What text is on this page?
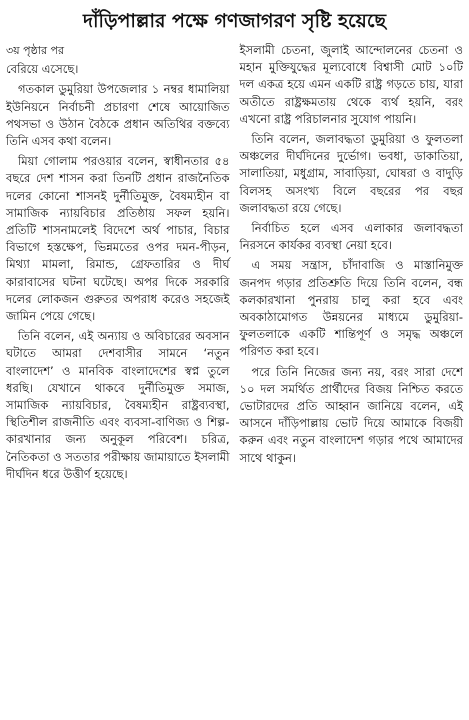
দাঁড়িপাল্লার পক্ষে গণজাগরণ সৃষ্টি হয়েছে

৩য় পৃষ্ঠার পর

বেরিয়ে এসেছে।

গতকাল ডুমুরিয়া উপজেলার ১ নম্বর ধামালিয়া ইউনিয়নে নির্বাচনী প্রচারণা শেষে আয়োজিত পথসভা ও উঠান বৈঠকে প্রধান অতিথির বক্তব্যে তিনি এসব কথা বলেন।

মিয়া গোলাম পরওয়ার বলেন, স্বাধীনতার ৫৪ বছরে দেশ শাসন করা তিনটি প্রধান রাজনৈতিক দলের কোনো শাসনই দুর্নীতিমুক্ত, বৈষম্যহীন বা সামাজিক ন্যায়বিচার প্রতিষ্ঠায় সফল হয়নি। প্রতিটি শাসনামলেই বিদেশে অর্থ পাচার, বিচার বিভাগে হস্তক্ষেপ, ভিন্নমতের ওপর দমন-পীড়ন, মিথ্যা মামলা, রিমান্ড, গ্রেফতারির ও দীর্ঘ কারাবাসের ঘটনা ঘটেছে। অপর দিকে সরকারি দলের লোকজন গুরুতর অপরাধ করেও সহজেই জামিন পেয়ে গেছে।

তিনি বলেন, এই অন্যায় ও অবিচারের অবসান ঘটাতে আমরা দেশবাসীর সামনে ‘নতুন বাংলাদেশ’ ও মানবিক বাংলাদেশের স্বপ্ন তুলে ধরছি। যেখানে থাকবে দুর্নীতিমুক্ত সমাজ, সামাজিক ন্যায়বিচার, বৈষম্যহীন রাষ্ট্রব্যবস্থা, স্থিতিশীল রাজনীতি এবং ব্যবসা-বাণিজ্য ও শিল্প-কারখানার জন্য অনুকূল পরিবেশ। চরিত্র, নৈতিকতা ও সততার পরীক্ষায় জামায়াতে ইসলামী দীর্ঘদিন ধরে উত্তীর্ণ হয়েছে।

ইসলামী চেতনা, জুলাই আন্দোলনের চেতনা ও মহান মুক্তিযুদ্ধের মূল্যবোধে বিশ্বাসী মোট ১০টি দল একত্র হয়ে এমন একটি রাষ্ট্র গড়তে চায়, যারা অতীতে রাষ্ট্রক্ষমতায় থেকে ব্যর্থ হয়নি, বরং এখনো রাষ্ট্র পরিচালনার সুযোগ পায়নি।

তিনি বলেন, জলাবদ্ধতা ডুমুরিয়া ও ফুলতলা অঞ্চলের দীর্ঘদিনের দুর্ভোগ। ভবধা, ডাকাতিয়া, সালাতিয়া, মধুগ্রাম, সাবাড়িয়া, ঘোষরা ও বাদুড়ি বিলসহ অসংখ্য বিলে বছরের পর বছর জলাবদ্ধতা রয়ে গেছে।

নির্বাচিত হলে এসব এলাকার জলাবদ্ধতা নিরসনে কার্যকর ব্যবস্থা নেয়া হবে।

এ সময় সন্ত্রাস, চাঁদাবাজি ও মাস্তানিমুক্ত জনপদ গড়ার প্রতিশ্রুতি দিয়ে তিনি বলেন, বন্ধ কলকারখানা পুনরায় চালু করা হবে এবং অবকাঠামোগত উন্নয়নের মাধ্যমে ডুমুরিয়া-ফুলতলাকে একটি শান্তিপূর্ণ ও সমৃদ্ধ অঞ্চলে পরিণত করা হবে।

পরে তিনি নিজের জন্য নয়, বরং সারা দেশে ১০ দল সমর্থিত প্রার্থীদের বিজয় নিশ্চিত করতে ভোটারদের প্রতি আহ্বান জানিয়ে বলেন, এই আসনে দাঁড়িপাল্লায় ভোট দিয়ে আমাকে বিজয়ী করুন এবং নতুন বাংলাদেশ গড়ার পথে আমাদের সাথে থাকুন।
